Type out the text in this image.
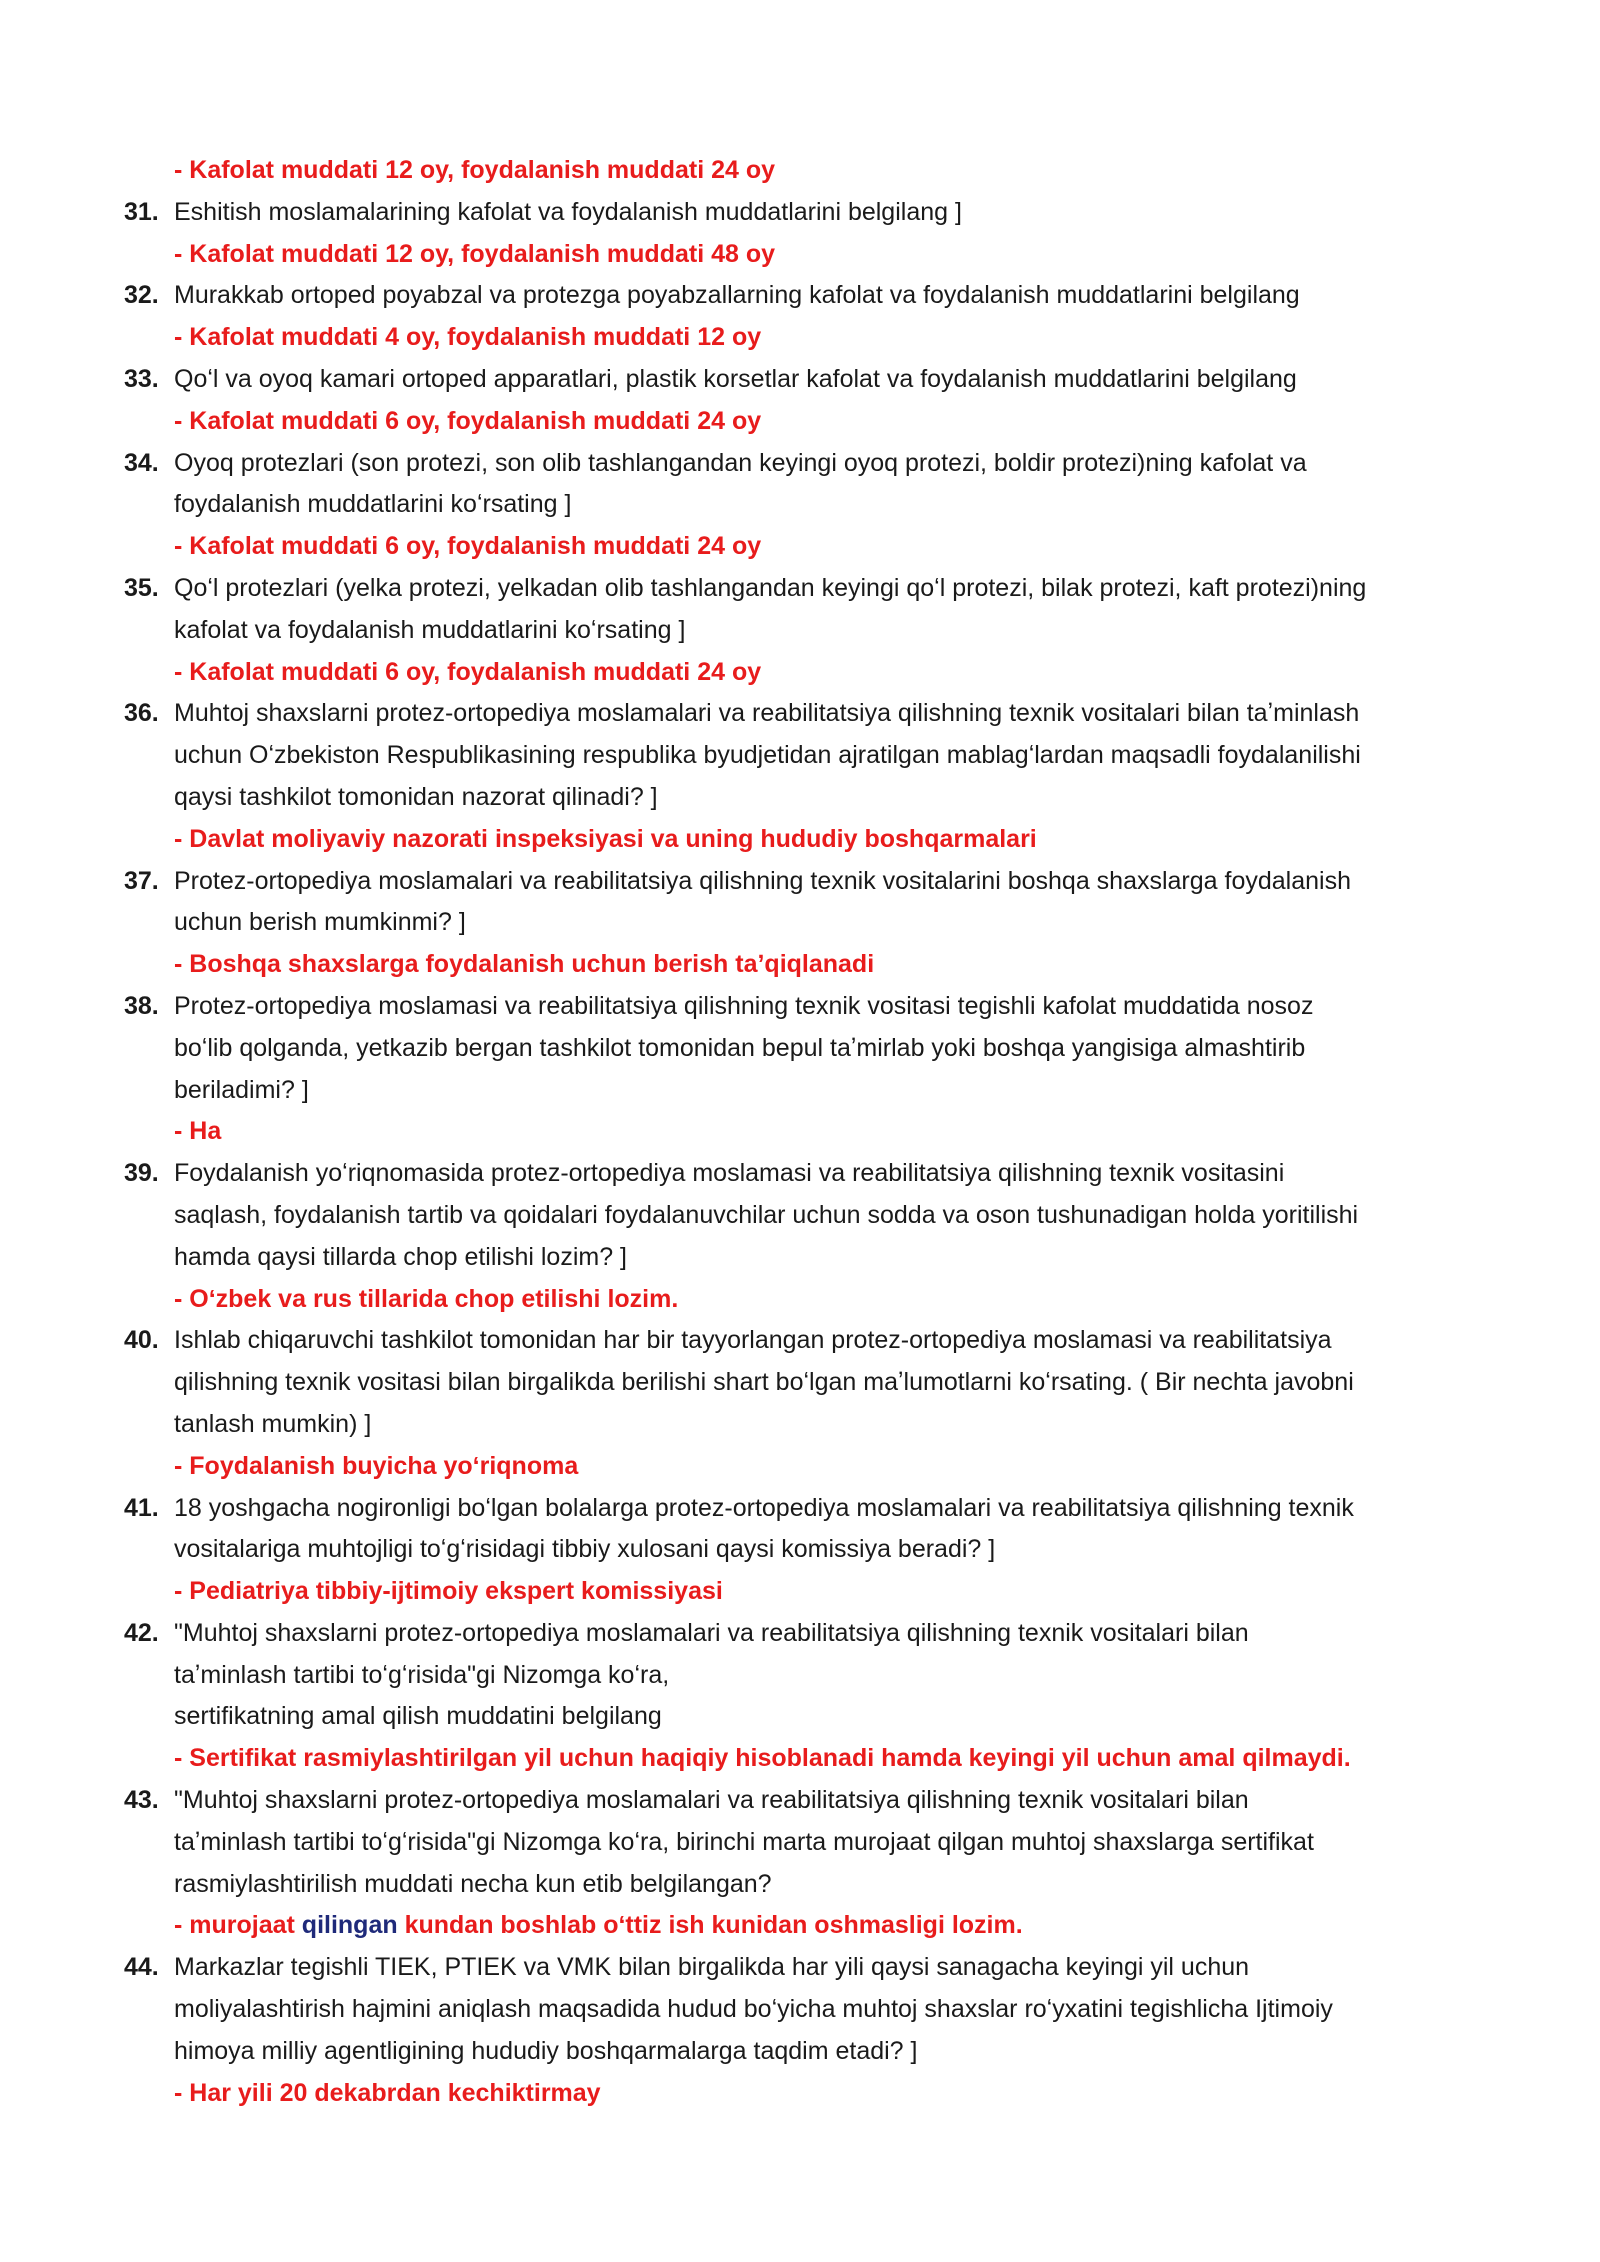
- Kafolat muddati 12 oy, foydalanish muddati 24 oy
31. Eshitish moslamalarining kafolat va foydalanish muddatlarini belgilang ]
- Kafolat muddati 12 oy, foydalanish muddati 48 oy
32. Murakkab ortoped poyabzal va protezga poyabzallarning kafolat va foydalanish muddatlarini belgilang
- Kafolat muddati 4 oy, foydalanish muddati 12 oy
33. Qoʻl va oyoq kamari ortoped apparatlari, plastik korsetlar kafolat va foydalanish muddatlarini belgilang
- Kafolat muddati 6 oy, foydalanish muddati 24 oy
34. Oyoq protezlari (son protezi, son olib tashlangandan keyingi oyoq protezi, boldir protezi)ning kafolat va
foydalanish muddatlarini koʻrsating ]
- Kafolat muddati 6 oy, foydalanish muddati 24 oy
35. Qoʻl protezlari (yelka protezi, yelkadan olib tashlangandan keyingi qoʻl protezi, bilak protezi, kaft protezi)ning
kafolat va foydalanish muddatlarini koʻrsating ]
- Kafolat muddati 6 oy, foydalanish muddati 24 oy
36. Muhtoj shaxslarni protez-ortopediya moslamalari va reabilitatsiya qilishning texnik vositalari bilan taʼminlash
uchun Oʻzbekiston Respublikasining respublika byudjetidan ajratilgan mablagʻlardan maqsadli foydalanilishi
qaysi tashkilot tomonidan nazorat qilinadi? ]
- Davlat moliyaviy nazorati inspeksiyasi va uning hududiy boshqarmalari
37. Protez-ortopediya moslamalari va reabilitatsiya qilishning texnik vositalarini boshqa shaxslarga foydalanish
uchun berish mumkinmi? ]
- Boshqa shaxslarga foydalanish uchun berish taʼqiqlanadi
38. Protez-ortopediya moslamasi va reabilitatsiya qilishning texnik vositasi tegishli kafolat muddatida nosoz
boʻlib qolganda, yetkazib bergan tashkilot tomonidan bepul taʼmirlab yoki boshqa yangisiga almashtirib
beriladimi? ]
- Ha
39. Foydalanish yoʻriqnomasida protez-ortopediya moslamasi va reabilitatsiya qilishning texnik vositasini
saqlash, foydalanish tartib va qoidalari foydalanuvchilar uchun sodda va oson tushunadigan holda yoritilishi
hamda qaysi tillarda chop etilishi lozim? ]
- Oʻzbek va rus tillarida chop etilishi lozim.
40. Ishlab chiqaruvchi tashkilot tomonidan har bir tayyorlangan protez-ortopediya moslamasi va reabilitatsiya
qilishning texnik vositasi bilan birgalikda berilishi shart boʻlgan maʼlumotlarni koʻrsating. ( Bir nechta javobni
tanlash mumkin) ]
- Foydalanish buyicha yoʻriqnoma
41. 18 yoshgacha nogironligi boʻlgan bolalarga protez-ortopediya moslamalari va reabilitatsiya qilishning texnik
vositalariga muhtojligi toʻgʻrisidagi tibbiy xulosani qaysi komissiya beradi? ]
- Pediatriya tibbiy-ijtimoiy ekspert komissiyasi
42. "Muhtoj shaxslarni protez-ortopediya moslamalari va reabilitatsiya qilishning texnik vositalari bilan
taʼminlash tartibi toʻgʻrisida"gi Nizomga koʻra,
sertifikatning amal qilish muddatini belgilang
- Sertifikat rasmiylashtirilgan yil uchun haqiqiy hisoblanadi hamda keyingi yil uchun amal qilmaydi.
43. "Muhtoj shaxslarni protez-ortopediya moslamalari va reabilitatsiya qilishning texnik vositalari bilan
taʼminlash tartibi toʻgʻrisida"gi Nizomga koʻra, birinchi marta murojaat qilgan muhtoj shaxslarga sertifikat
rasmiylashtirilish muddati necha kun etib belgilangan?
- murojaat qilingan kundan boshlab oʻttiz ish kunidan oshmasligi lozim.
44. Markazlar tegishli TIEK, PTIEK va VMK bilan birgalikda har yili qaysi sanagacha keyingi yil uchun
moliyalashtirish hajmini aniqlash maqsadida hudud boʻyicha muhtoj shaxslar roʻyxatini tegishlicha Ijtimoiy
himoya milliy agentligining hududiy boshqarmalarga taqdim etadi? ]
- Har yili 20 dekabrdan kechiktirmay
